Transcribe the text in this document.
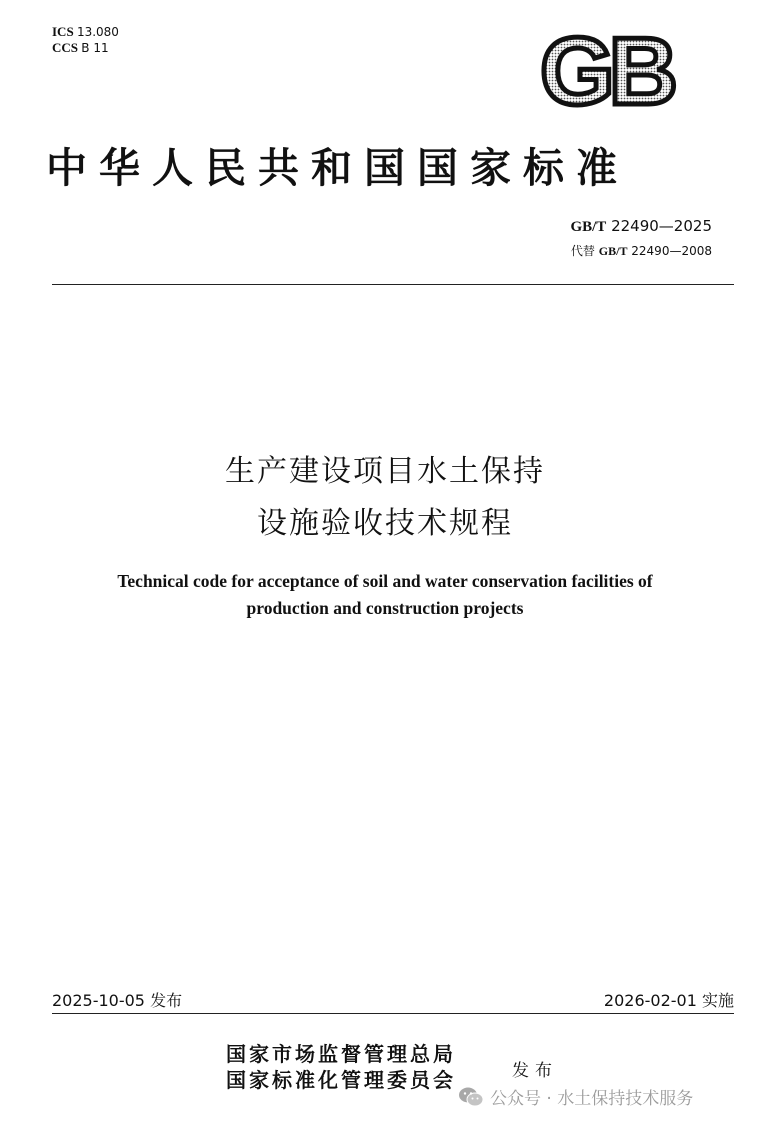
ICS 13.080
CCS B 11	GB
中华人民共和国国家标准
GB/T 22490—2025
代替 GB/T 22490—2008
生产建设项目水土保持
设施验收技术规程
Technical code for acceptance of soil and water conservation facilities of
production and construction projects
2025-10-05 发布	2026-02-01 实施
国家市场监督管理总局
国家标准化管理委员会	发布
公众号 · 水土保持技术服务
